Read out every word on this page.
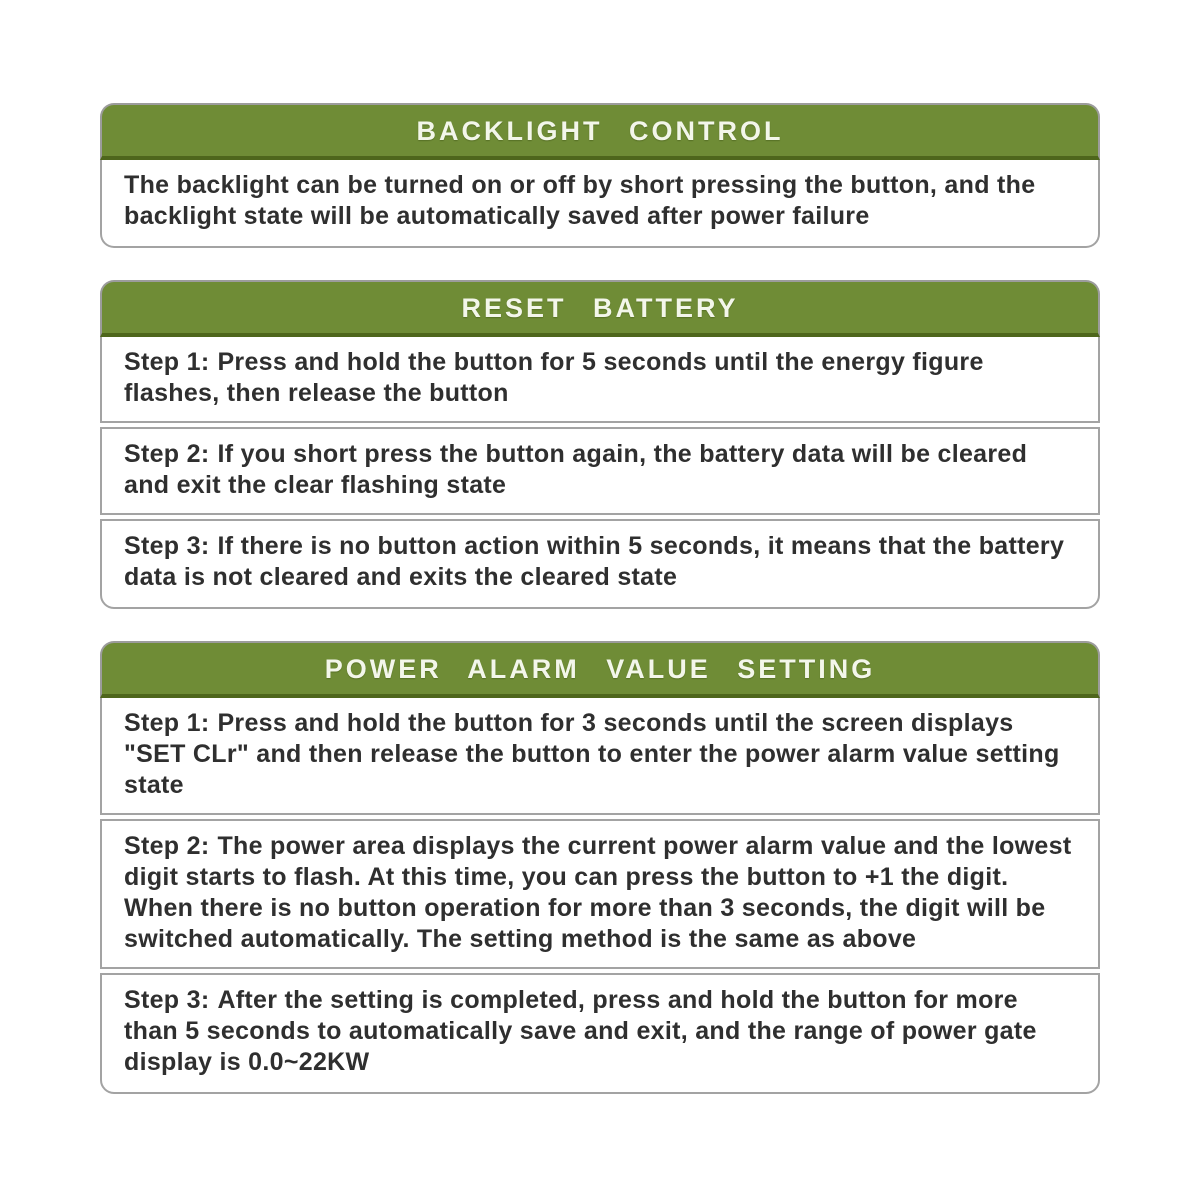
BACKLIGHT CONTROL

The backlight can be turned on or off by short pressing the button, and the backlight state will be automatically saved after power failure

RESET BATTERY

Step 1: Press and hold the button for 5 seconds until the energy figure flashes, then release the button

Step 2: If you short press the button again, the battery data will be cleared and exit the clear flashing state

Step 3: If there is no button action within 5 seconds, it means that the battery data is not cleared and exits the cleared state

POWER ALARM VALUE SETTING

Step 1: Press and hold the button for 3 seconds until the screen displays "SET CLr" and then release the button to enter the power alarm value setting state

Step 2: The power area displays the current power alarm value and the lowest digit starts to flash. At this time, you can press the button to +1 the digit. When there is no button operation for more than 3 seconds, the digit will be switched automatically. The setting method is the same as above

Step 3: After the setting is completed, press and hold the button for more than 5 seconds to automatically save and exit, and the range of power gate display is 0.0~22KW
